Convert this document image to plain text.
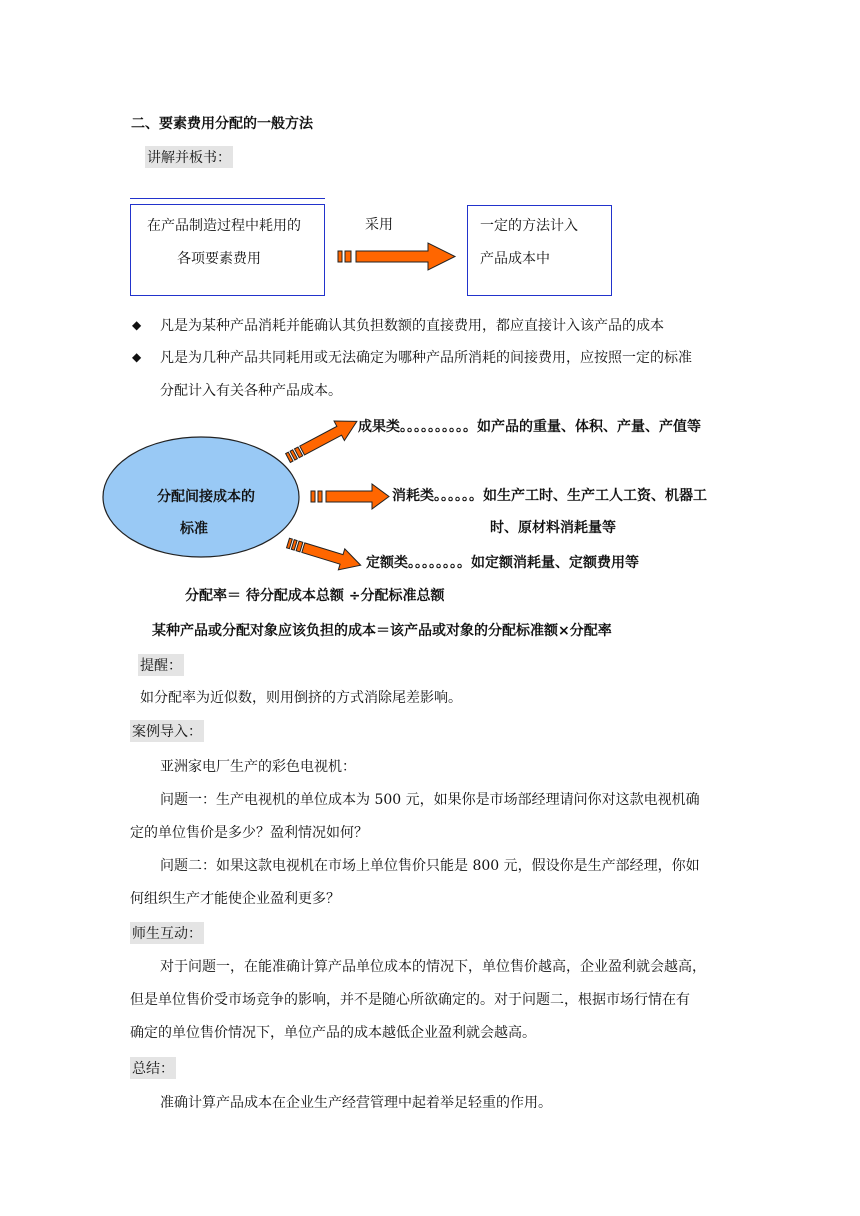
二、要素费用分配的一般方法
讲解并板书：
在产品制造过程中耗用的
各项要素费用
采用	一定的方法计入
产品成本中
◆ 凡是为某种产品消耗并能确认其负担数额的直接费用，都应直接计入该产品的成本
◆ 凡是为几种产品共同耗用或无法确定为哪种产品所消耗的间接费用，应按照一定的标准
分配计入有关各种产品成本。
分配间接成本的
标准
成果类。。。。。。。。。。如产品的重量、体积、产量、产值等
消耗类。。。。。。如生产工时、生产工人工资、机器工
时、原材料消耗量等
定额类。。。。。。。。如定额消耗量、定额费用等
分配率＝ 待分配成本总额 ÷分配标准总额
某种产品或分配对象应该负担的成本＝该产品或对象的分配标准额×分配率
提醒：
如分配率为近似数，则用倒挤的方式消除尾差影响。
案例导入：
亚洲家电厂生产的彩色电视机：
问题一：生产电视机的单位成本为 500 元，如果你是市场部经理请问你对这款电视机确
定的单位售价是多少？盈利情况如何？
问题二：如果这款电视机在市场上单位售价只能是 800 元，假设你是生产部经理，你如
何组织生产才能使企业盈利更多？
师生互动：
对于问题一，在能准确计算产品单位成本的情况下，单位售价越高，企业盈利就会越高，
但是单位售价受市场竞争的影响，并不是随心所欲确定的。对于问题二，根据市场行情在有
确定的单位售价情况下，单位产品的成本越低企业盈利就会越高。
总结：
准确计算产品成本在企业生产经营管理中起着举足轻重的作用。
